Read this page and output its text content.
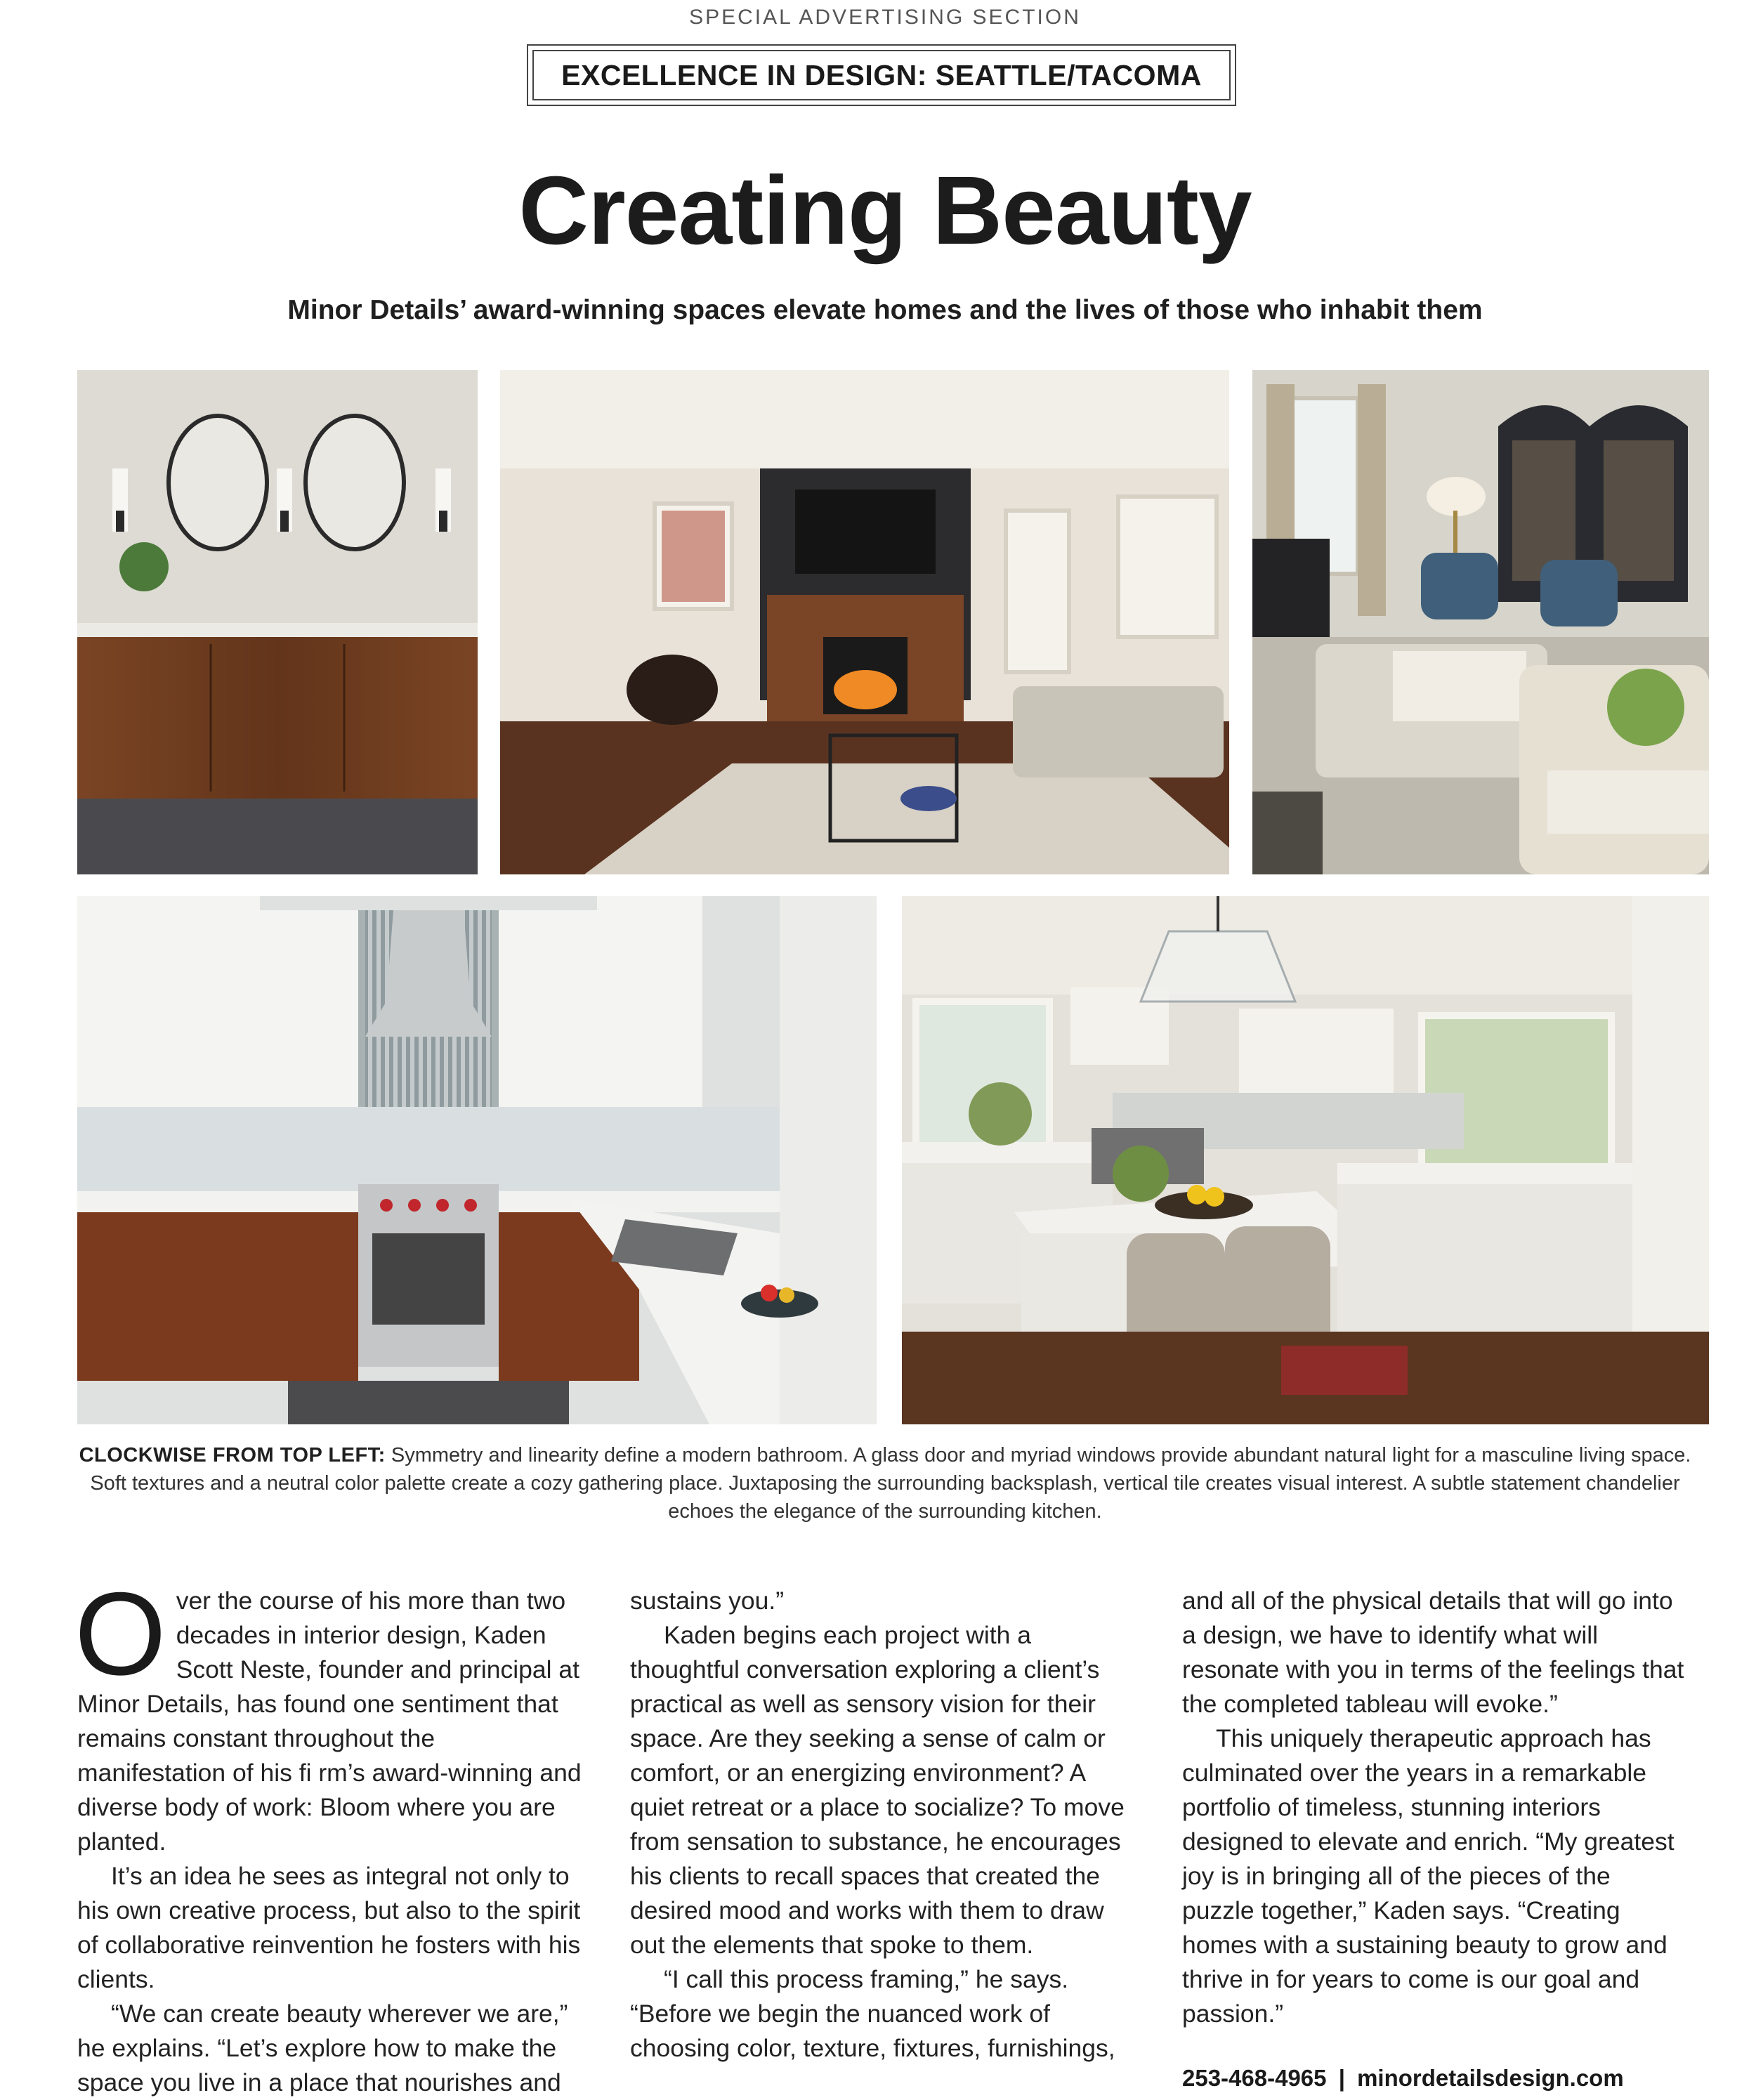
SPECIAL ADVERTISING SECTION
EXCELLENCE IN DESIGN: SEATTLE/TACOMA
Creating Beauty
Minor Details’ award-winning spaces elevate homes and the lives of those who inhabit them

CLOCKWISE FROM TOP LEFT: Symmetry and linearity define a modern bathroom. A glass door and myriad windows provide abundant natural light for a masculine living space. Soft textures and a neutral color palette create a cozy gathering place. Juxtaposing the surrounding backsplash, vertical tile creates visual interest. A subtle statement chandelier echoes the elegance of the surrounding kitchen.

Over the course of his more than two decades in interior design, Kaden Scott Neste, founder and principal at Minor Details, has found one sentiment that remains constant throughout the manifestation of his fi rm’s award-winning and diverse body of work: Bloom where you are planted.

It’s an idea he sees as integral not only to his own creative process, but also to the spirit of collaborative reinvention he fosters with his clients.

“We can create beauty wherever we are,” he explains. “Let’s explore how to make the space you live in a place that nourishes and

sustains you.”

Kaden begins each project with a thoughtful conversation exploring a client’s practical as well as sensory vision for their space. Are they seeking a sense of calm or comfort, or an energizing environment? A quiet retreat or a place to socialize? To move from sensation to substance, he encourages his clients to recall spaces that created the desired mood and works with them to draw out the elements that spoke to them.

“I call this process framing,” he says. “Before we begin the nuanced work of choosing color, texture, fixtures, furnishings,

and all of the physical details that will go into a design, we have to identify what will resonate with you in terms of the feelings that the completed tableau will evoke.”

This uniquely therapeutic approach has culminated over the years in a remarkable portfolio of timeless, stunning interiors designed to elevate and enrich. “My greatest joy is in bringing all of the pieces of the puzzle together,” Kaden says. “Creating homes with a sustaining beauty to grow and thrive in for years to come is our goal and passion.”

253-468-4965 | minordetailsdesign.com
